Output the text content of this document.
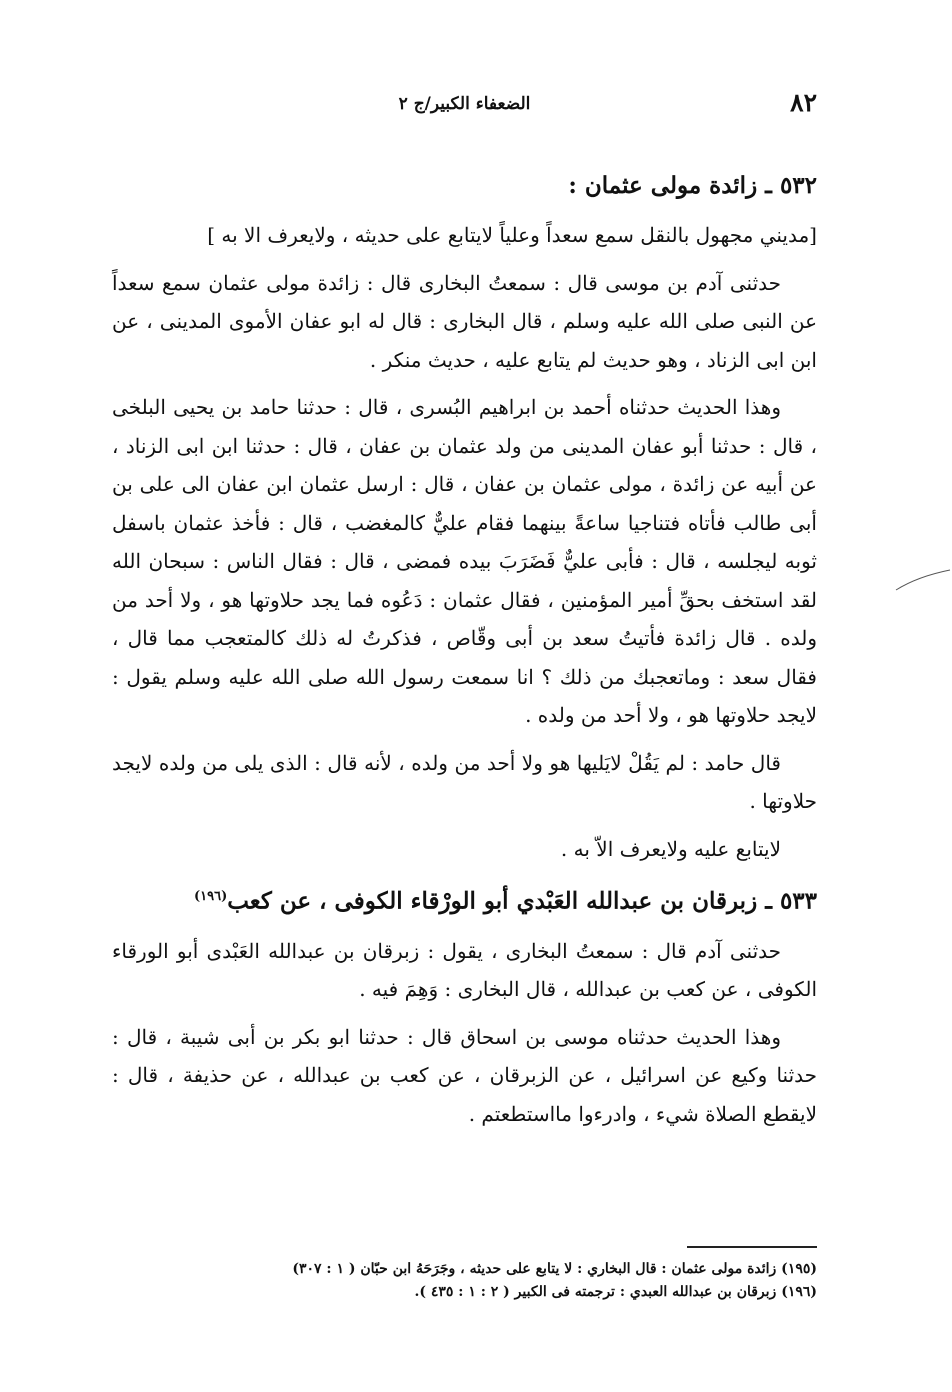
٨٢
الضعفاء الكبير/ج ٢
٥٣٢ ـ زائدة مولى عثمان :
[مديني مجهول بالنقل سمع سعداً وعلياً لايتابع على حديثه ، ولايعرف الا به ]

حدثنى آدم بن موسى قال : سمعتُ البخارى قال : زائدة مولى عثمان سمع سعداً عن النبى صلى الله عليه وسلم ، قال البخارى : قال له ابو عفان الأموى المدينى ، عن ابن ابى الزناد ، وهو حديث لم يتابع عليه ، حديث منكر .

وهذا الحديث حدثناه أحمد بن ابراهيم البُسرى ، قال : حدثنا حامد بن يحيى البلخى ، قال : حدثنا أبو عفان المدينى من ولد عثمان بن عفان ، قال : حدثنا ابن ابى الزناد ، عن أبيه عن زائدة ، مولى عثمان بن عفان ، قال : ارسل عثمان ابن عفان الى على بن أبى طالب فأتاه فتناجيا ساعةً بينهما فقام عليٌّ كالمغضب ، قال : فأخذ عثمان باسفل ثوبه ليجلسه ، قال : فأبى عليٌّ فَضَرَبَ بيده فمضى ، قال : فقال الناس : سبحان الله لقد استخف بحقِّ أمير المؤمنين ، فقال عثمان : دَعُوه فما يجد حلاوتها هو ، ولا أحد من ولده . قال زائدة فأتيتُ سعد بن أبى وقّاص ، فذكرتُ له ذلك كالمتعجب مما قال ، فقال سعد : وماتعجبك من ذلك ؟ انا سمعت رسول الله صلى الله عليه وسلم يقول : لايجد حلاوتها هو ، ولا أحد من ولده .

قال حامد : لم يَقُلْ لايَليها هو ولا أحد من ولده ، لأنه قال : الذى يلى من ولده لايجد حلاوتها .

لايتابع عليه ولايعرف الاّ به .

٥٣٣ ـ زبرقان بن عبدالله العَبْدي أبو الورْقاء الكوفى ، عن كعب$^{(١٩٦)}$

حدثنى آدم قال : سمعتُ البخارى ، يقول : زبرقان بن عبدالله العَبْدى أبو الورقاء الكوفى ، عن كعب بن عبدالله ، قال البخارى : وَهِمَ فيه .

وهذا الحديث حدثناه موسى بن اسحاق قال : حدثنا ابو بكر بن أبى شيبة ، قال : حدثنا وكيع عن اسرائيل ، عن الزبرقان ، عن كعب بن عبدالله ، عن حذيفة ، قال : لايقطع الصلاة شيء ، وادرءوا مااستطعتم .

(١٩٥) زائدة مولى عثمان : قال البخاري : لا يتابع على حديثه ، وجَرَحَهُ ابن حبّان ( ١ : ٣٠٧)

(١٩٦) زبرقان بن عبدالله العبدي : ترجمته فى الكبير ( ٢ : ١ : ٤٣٥ ).
